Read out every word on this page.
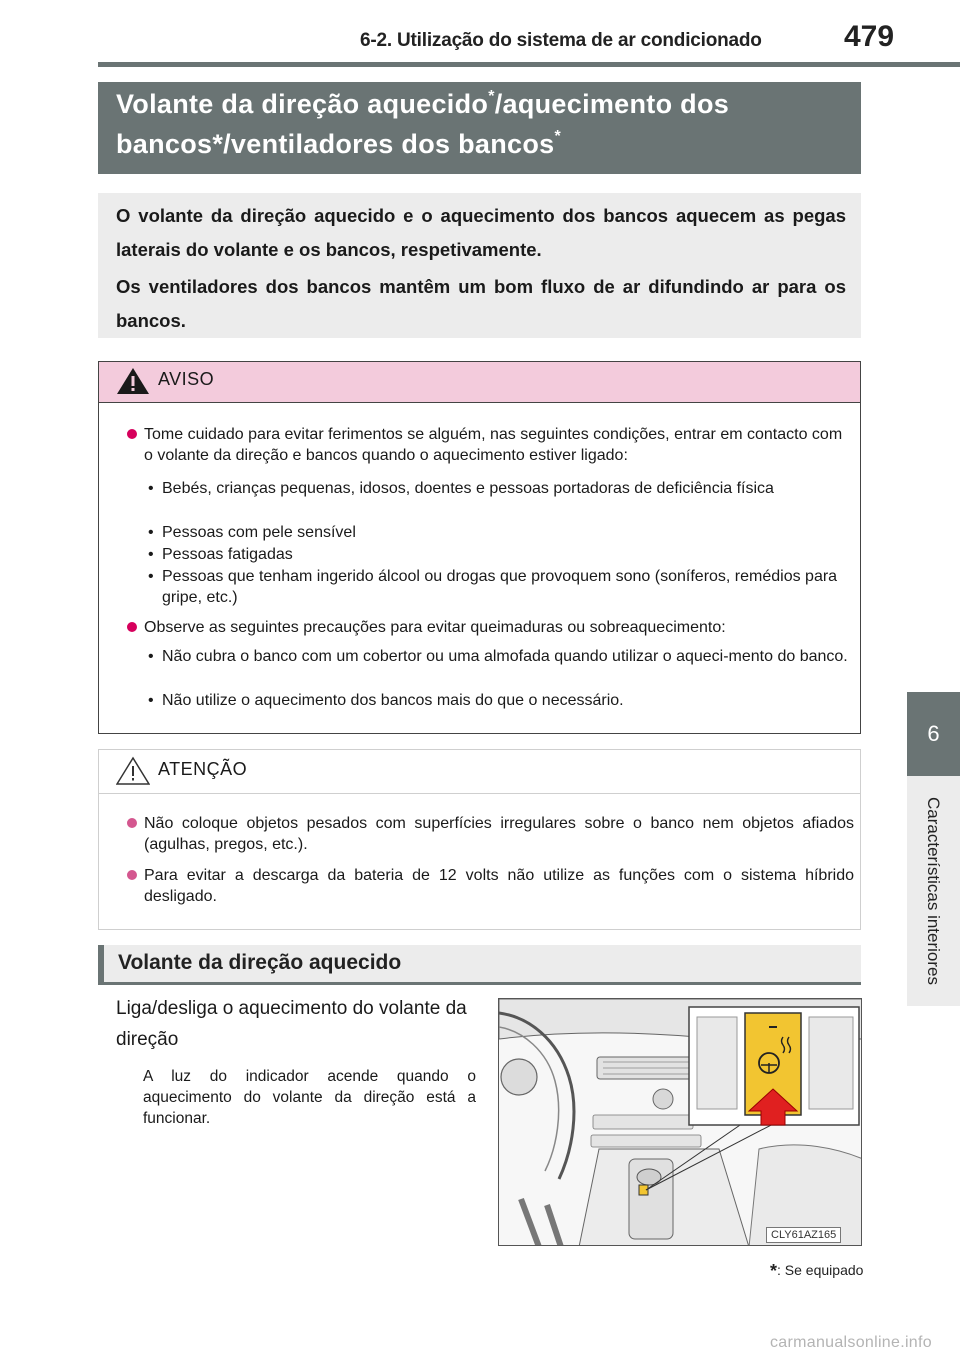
6-2. Utilização do sistema de ar condicionado	479
6
Características interiores
Volante da direção aquecido*/aquecimento dos
bancos*/ventiladores dos bancos*

O volante da direção aquecido e o aquecimento dos bancos aquecem as pegas laterais do volante e os bancos, respetivamente.

Os ventiladores dos bancos mantêm um bom fluxo de ar difundindo ar para os bancos.

AVISO
Tome cuidado para evitar ferimentos se alguém, nas seguintes condições, entrar em contacto com o volante da direção e bancos quando o aquecimento estiver ligado:
• Bebés, crianças pequenas, idosos, doentes e pessoas portadoras de deficiência física
• Pessoas com pele sensível
• Pessoas fatigadas
• Pessoas que tenham ingerido álcool ou drogas que provoquem sono (soníferos, remédios para gripe, etc.)
Observe as seguintes precauções para evitar queimaduras ou sobreaquecimento:
• Não cubra o banco com um cobertor ou uma almofada quando utilizar o aqueci-mento do banco.
• Não utilize o aquecimento dos bancos mais do que o necessário.
ATENÇÃO
Não coloque objetos pesados com superfícies irregulares sobre o banco nem objetos afiados (agulhas, pregos, etc.).
Para evitar a descarga da bateria de 12 volts não utilize as funções com o sistema híbrido desligado.
Volante da direção aquecido
Liga/desliga o aquecimento do volante da direção
A luz do indicador acende quando o aquecimento do volante da direção está a funcionar.
CLY61AZ165
*: Se equipado
carmanualsonline.info
